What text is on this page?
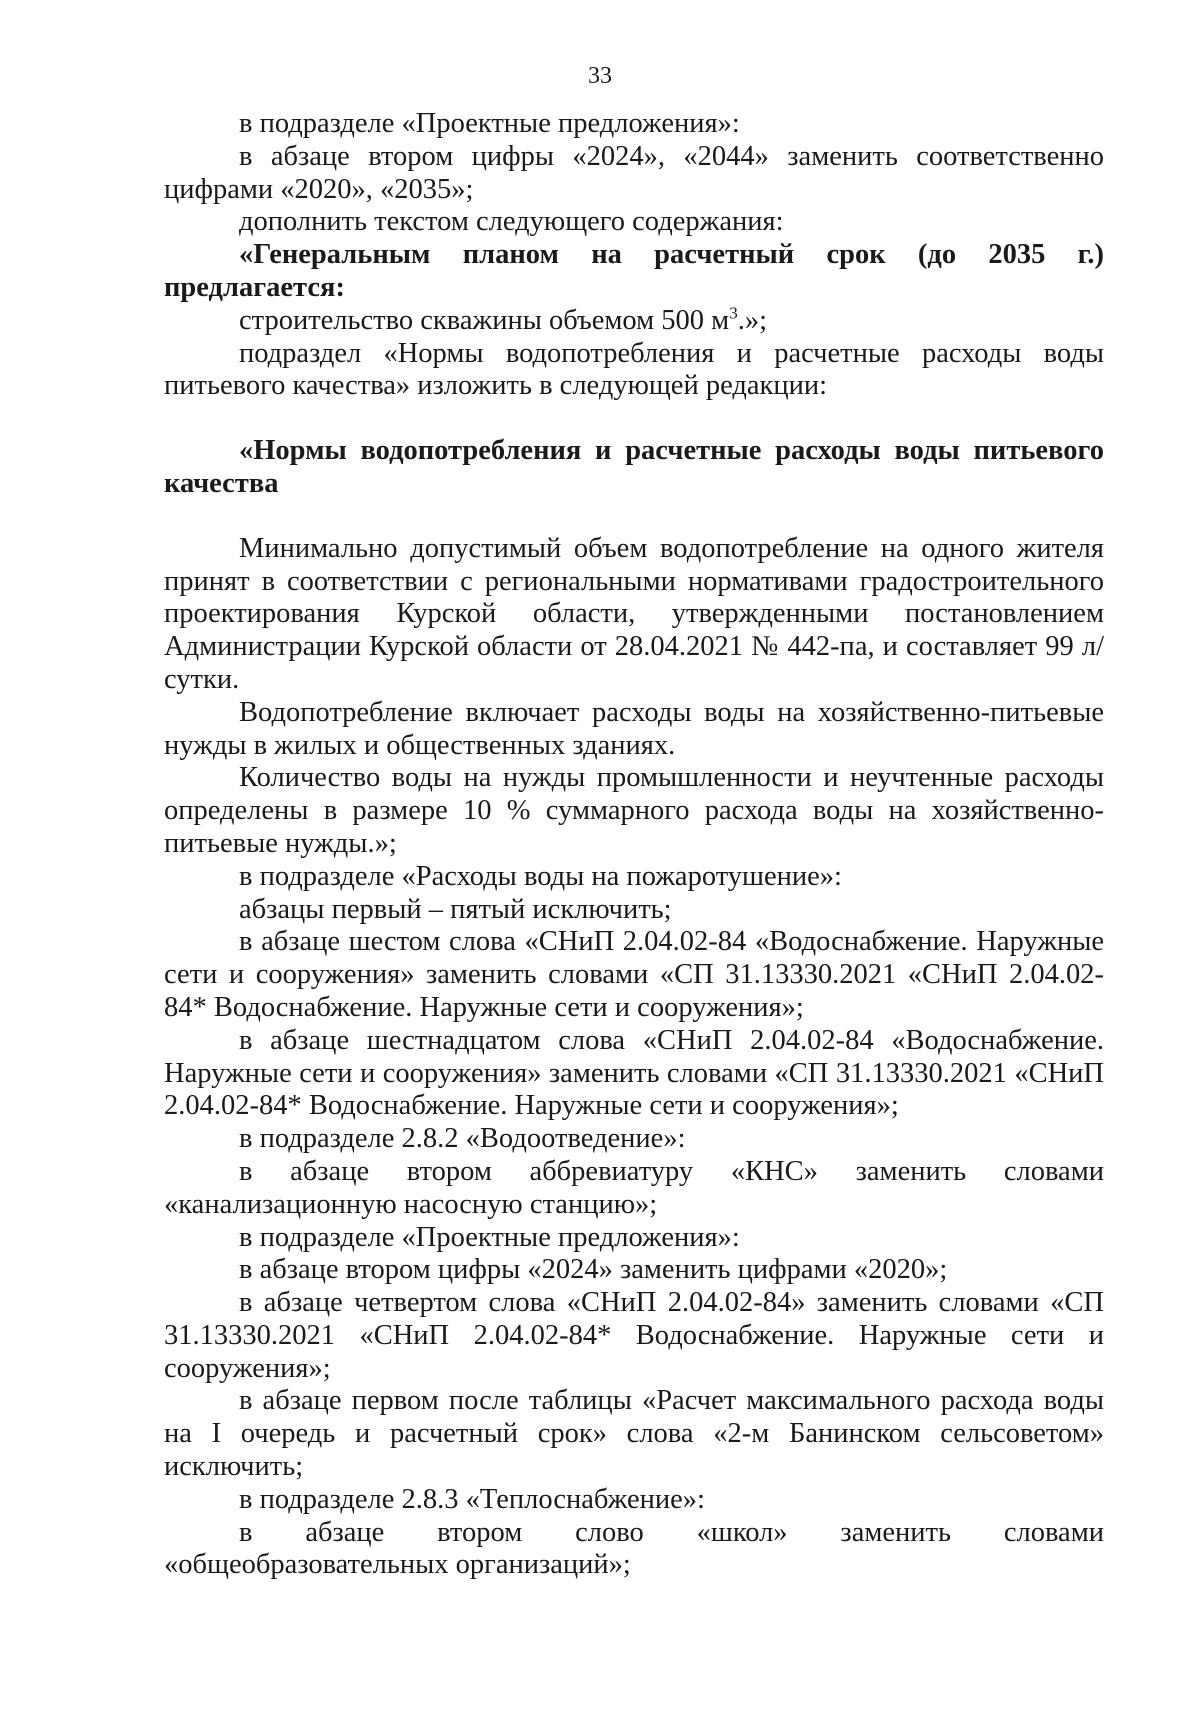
33

в подразделе «Проектные предложения»:

в абзаце втором цифры «2024», «2044» заменить соответственно цифрами «2020», «2035»;

дополнить текстом следующего содержания:

«Генеральным планом на расчетный срок (до 2035 г.) предлагается:

строительство скважины объемом 500 $м^3$.»;

подраздел «Нормы водопотребления и расчетные расходы воды питьевого качества» изложить в следующей редакции:

«Нормы водопотребления и расчетные расходы воды питьевого качества

Минимально допустимый объем водопотребление на одного жителя принят в соответствии с региональными нормативами градостроительного проектирования Курской области, утвержденными постановлением Администрации Курской области от 28.04.2021 № 442-па, и составляет 99 л/сутки.

Водопотребление включает расходы воды на хозяйственно-питьевые нужды в жилых и общественных зданиях.

Количество воды на нужды промышленности и неучтенные расходы определены в размере 10 % суммарного расхода воды на хозяйственно-питьевые нужды.»;

в подразделе «Расходы воды на пожаротушение»:

абзацы первый – пятый исключить;

в абзаце шестом слова «СНиП 2.04.02-84 «Водоснабжение. Наружные сети и сооружения» заменить словами «СП 31.13330.2021 «СНиП 2.04.02-84* Водоснабжение. Наружные сети и сооружения»;

в абзаце шестнадцатом слова «СНиП 2.04.02-84 «Водоснабжение. Наружные сети и сооружения» заменить словами «СП 31.13330.2021 «СНиП 2.04.02-84* Водоснабжение. Наружные сети и сооружения»;

в подразделе 2.8.2 «Водоотведение»:

в абзаце втором аббревиатуру «КНС» заменить словами «канализационную насосную станцию»;

в подразделе «Проектные предложения»:

в абзаце втором цифры «2024» заменить цифрами «2020»;

в абзаце четвертом слова «СНиП 2.04.02-84» заменить словами «СП 31.13330.2021 «СНиП 2.04.02-84* Водоснабжение. Наружные сети и сооружения»;

в абзаце первом после таблицы «Расчет максимального расхода воды на I очередь и расчетный срок» слова «2-м Банинском сельсоветом» исключить;

в подразделе 2.8.3 «Теплоснабжение»:

в абзаце втором слово «школ» заменить словами «общеобразовательных организаций»;
